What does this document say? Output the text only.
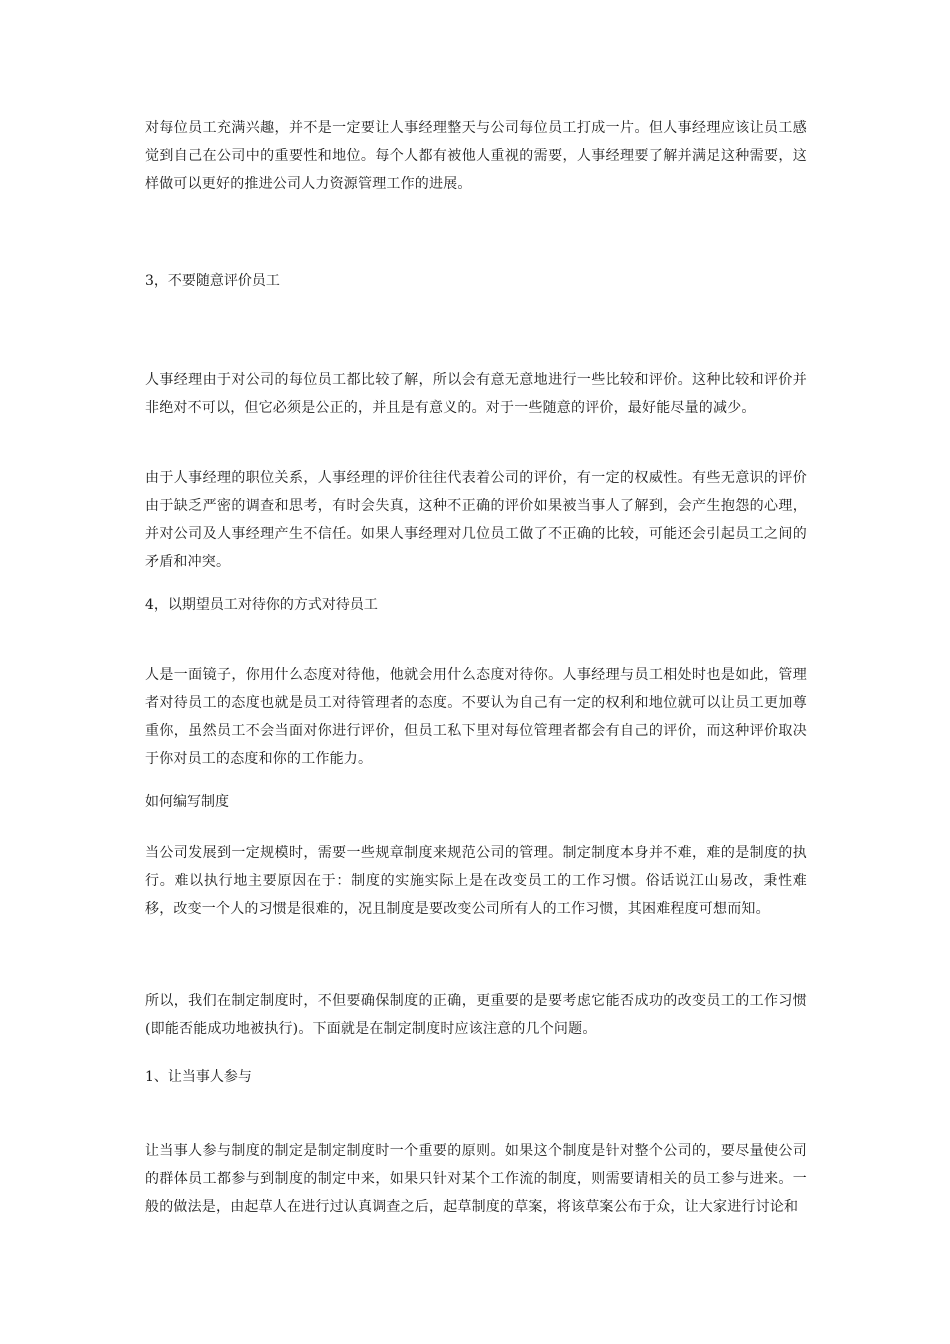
对每位员工充满兴趣，并不是一定要让人事经理整天与公司每位员工打成一片。但人事经理应该让员工感觉到自己在公司中的重要性和地位。每个人都有被他人重视的需要，人事经理要了解并满足这种需要，这样做可以更好的推进公司人力资源管理工作的进展。

3，不要随意评价员工

人事经理由于对公司的每位员工都比较了解，所以会有意无意地进行一些比较和评价。这种比较和评价并非绝对不可以，但它必须是公正的，并且是有意义的。对于一些随意的评价，最好能尽量的减少。

由于人事经理的职位关系，人事经理的评价往往代表着公司的评价，有一定的权威性。有些无意识的评价由于缺乏严密的调查和思考，有时会失真，这种不正确的评价如果被当事人了解到，会产生抱怨的心理，并对公司及人事经理产生不信任。如果人事经理对几位员工做了不正确的比较，可能还会引起员工之间的矛盾和冲突。

4，以期望员工对待你的方式对待员工

人是一面镜子，你用什么态度对待他，他就会用什么态度对待你。人事经理与员工相处时也是如此，管理者对待员工的态度也就是员工对待管理者的态度。不要认为自己有一定的权利和地位就可以让员工更加尊重你，虽然员工不会当面对你进行评价，但员工私下里对每位管理者都会有自己的评价，而这种评价取决于你对员工的态度和你的工作能力。

如何编写制度

当公司发展到一定规模时，需要一些规章制度来规范公司的管理。制定制度本身并不难，难的是制度的执行。难以执行地主要原因在于：制度的实施实际上是在改变员工的工作习惯。俗话说江山易改，秉性难移，改变一个人的习惯是很难的，况且制度是要改变公司所有人的工作习惯，其困难程度可想而知。

所以，我们在制定制度时，不但要确保制度的正确，更重要的是要考虑它能否成功的改变员工的工作习惯(即能否能成功地被执行)。下面就是在制定制度时应该注意的几个问题。

1、让当事人参与

让当事人参与制度的制定是制定制度时一个重要的原则。如果这个制度是针对整个公司的，要尽量使公司的群体员工都参与到制度的制定中来，如果只针对某个工作流的制度，则需要请相关的员工参与进来。一般的做法是，由起草人在进行过认真调查之后，起草制度的草案，将该草案公布于众，让大家进行讨论和
